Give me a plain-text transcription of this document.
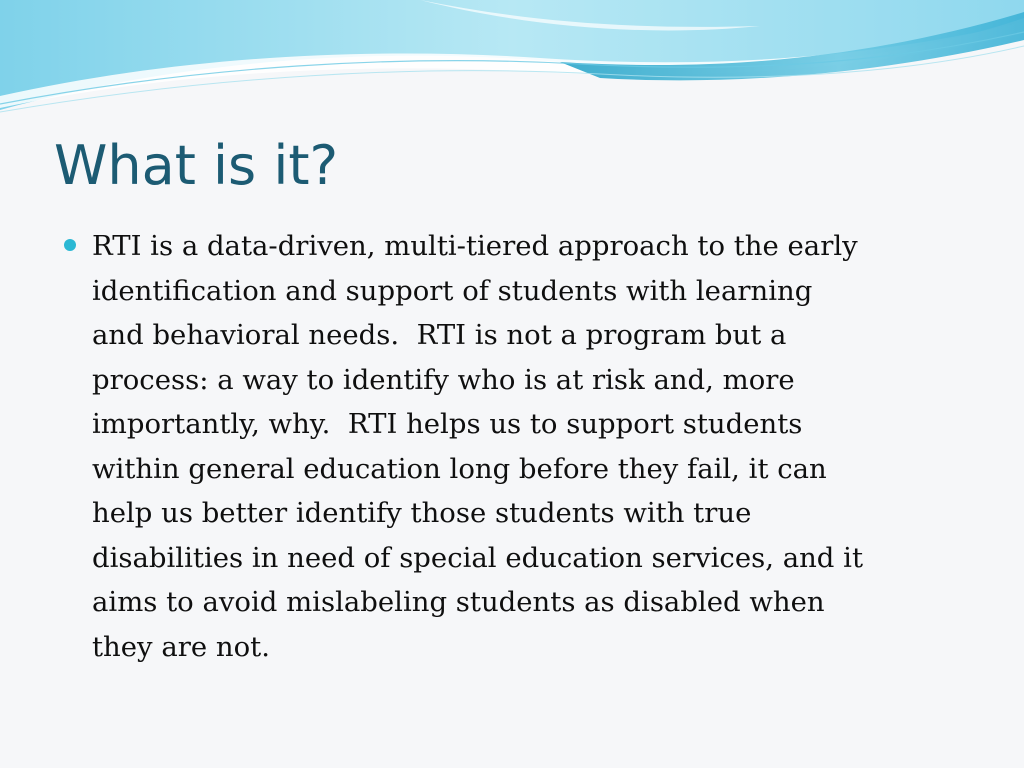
What is it?
RTI is a data-driven, multi-tiered approach to the early
identification and support of students with learning
and behavioral needs.  RTI is not a program but a
process: a way to identify who is at risk and, more
importantly, why.  RTI helps us to support students
within general education long before they fail, it can
help us better identify those students with true
disabilities in need of special education services, and it
aims to avoid mislabeling students as disabled when
they are not.
